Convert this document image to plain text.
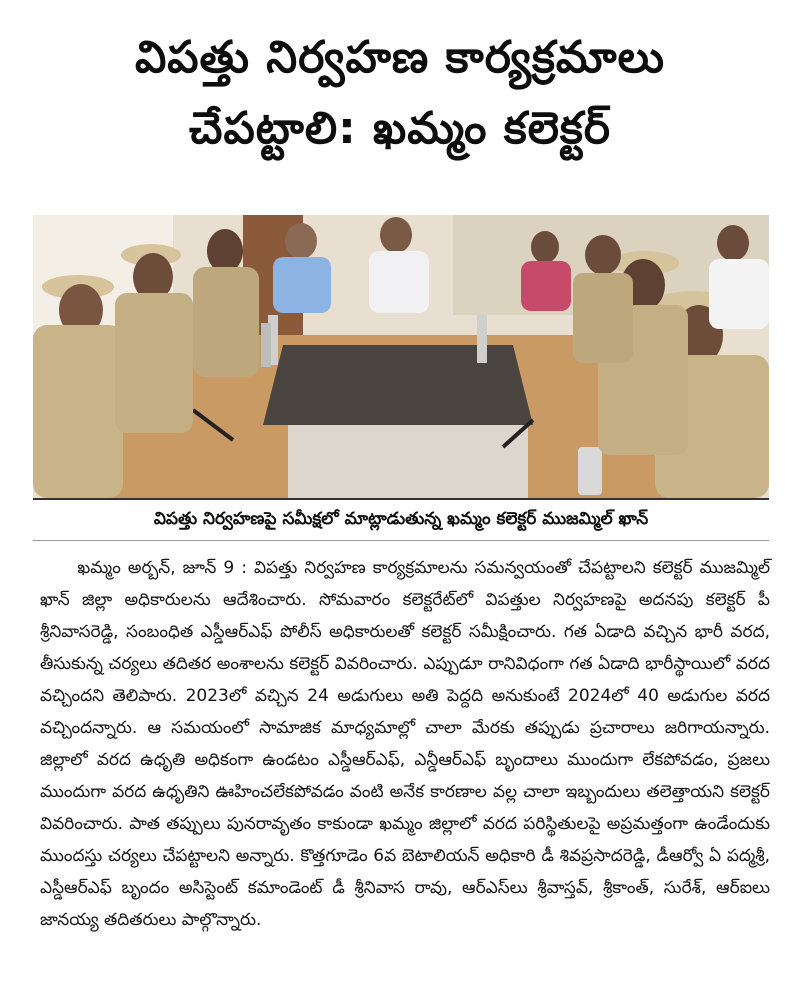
విపత్తు నిర్వహణ కార్యక్రమాలు
చేపట్టాలి: ఖమ్మం కలెక్టర్
విపత్తు నిర్వహణపై సమీక్షలో మాట్లాడుతున్న ఖమ్మం కలెక్టర్ ముజమ్మిల్ ఖాన్

ఖమ్మం అర్బన్, జూన్ 9 : విపత్తు నిర్వహణ కార్యక్రమాలను సమన్వయంతో చేపట్టాలని కలెక్టర్ ముజమ్మిల్ ఖాన్ జిల్లా అధికారులను ఆదేశించారు. సోమవారం కలెక్టరేట్‌లో విపత్తుల నిర్వహణపై అదనపు కలెక్టర్ పీ శ్రీనివాసరెడ్డి, సంబంధిత ఎస్డీఆర్ఎఫ్ పోలీస్ అధికారులతో కలెక్టర్ సమీక్షించారు. గత ఏడాది వచ్చిన భారీ వరద, తీసుకున్న చర్యలు తదితర అంశాలను కలెక్టర్ వివరించారు. ఎప్పుడూ రానివిధంగా గత ఏడాది భారీస్థాయిలో వరద వచ్చిందని తెలిపారు. 2023లో వచ్చిన 24 అడుగులు అతి పెద్దది అనుకుంటే 2024లో 40 అడుగుల వరద వచ్చిందన్నారు. ఆ సమయంలో సామాజిక మాధ్యమాల్లో చాలా మేరకు తప్పుడు ప్రచారాలు జరిగాయన్నారు. జిల్లాలో వరద ఉధృతి అధికంగా ఉండటం ఎస్డీఆర్ఎఫ్, ఎన్డీఆర్ఎఫ్ బృందాలు ముందుగా లేకపోవడం, ప్రజలు ముందుగా వరద ఉధృతిని ఊహించలేకపోవడం వంటి అనేక కారణాల వల్ల చాలా ఇబ్బందులు తలెత్తాయని కలెక్టర్ వివరించారు. పాత తప్పులు పునరావృతం కాకుండా ఖమ్మం జిల్లాలో వరద పరిస్థితులపై అప్రమత్తంగా ఉండేందుకు ముందస్తు చర్యలు చేపట్టాలని అన్నారు. కొత్తగూడెం 6వ బెటాలియన్ అధికారి డీ శివప్రసాదరెడ్డి, డీఆర్వో ఏ పద్మశ్రీ, ఎస్డీఆర్ఎఫ్ బృందం అసిస్టెంట్ కమాండెంట్ డీ శ్రీనివాస రావు, ఆర్ఎస్‌లు శ్రీవాస్తవ్, శ్రీకాంత్, సురేశ్, ఆర్ఐలు జానయ్య తదితరులు పాల్గొన్నారు.
